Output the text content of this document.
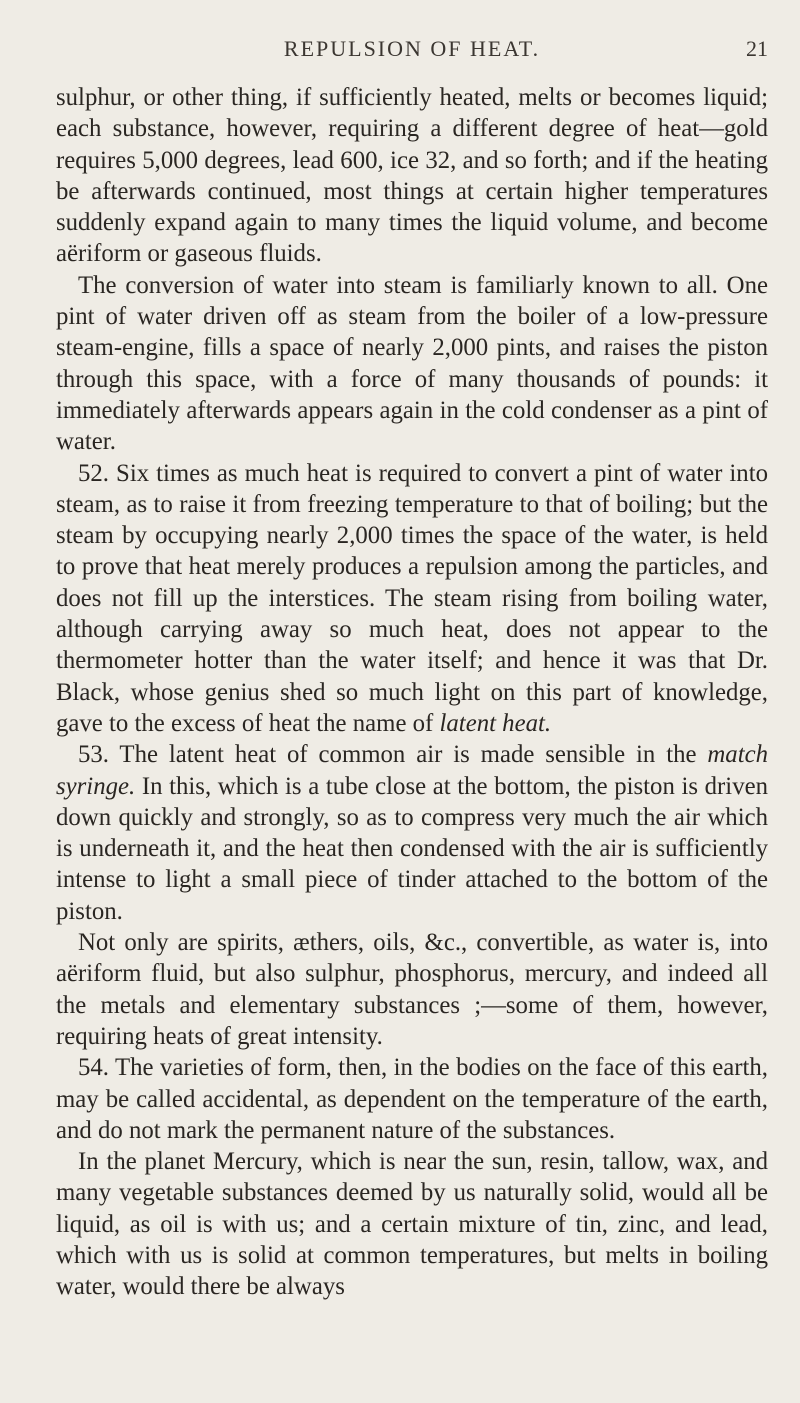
REPULSION OF HEAT.	21

sulphur, or other thing, if sufficiently heated, melts or becomes liquid; each substance, however, requiring a different degree of heat—gold requires 5,000 degrees, lead 600, ice 32, and so forth; and if the heating be afterwards continued, most things at certain higher temperatures suddenly expand again to many times the liquid volume, and become aëriform or gaseous fluids.

The conversion of water into steam is familiarly known to all. One pint of water driven off as steam from the boiler of a low-pressure steam-engine, fills a space of nearly 2,000 pints, and raises the piston through this space, with a force of many thousands of pounds: it immediately afterwards appears again in the cold condenser as a pint of water.

52. Six times as much heat is required to convert a pint of water into steam, as to raise it from freezing temperature to that of boiling; but the steam by occupying nearly 2,000 times the space of the water, is held to prove that heat merely produces a repulsion among the particles, and does not fill up the interstices. The steam rising from boiling water, although carrying away so much heat, does not appear to the thermometer hotter than the water itself; and hence it was that Dr. Black, whose genius shed so much light on this part of knowledge, gave to the excess of heat the name of latent heat.

53. The latent heat of common air is made sensible in the match syringe. In this, which is a tube close at the bottom, the piston is driven down quickly and strongly, so as to compress very much the air which is underneath it, and the heat then condensed with the air is sufficiently intense to light a small piece of tinder attached to the bottom of the piston.

Not only are spirits, æthers, oils, &c., convertible, as water is, into aëriform fluid, but also sulphur, phosphorus, mercury, and indeed all the metals and elementary substances ;—some of them, however, requiring heats of great intensity.

54. The varieties of form, then, in the bodies on the face of this earth, may be called accidental, as dependent on the temperature of the earth, and do not mark the permanent nature of the substances.

In the planet Mercury, which is near the sun, resin, tallow, wax, and many vegetable substances deemed by us naturally solid, would all be liquid, as oil is with us; and a certain mixture of tin, zinc, and lead, which with us is solid at common temperatures, but melts in boiling water, would there be always
